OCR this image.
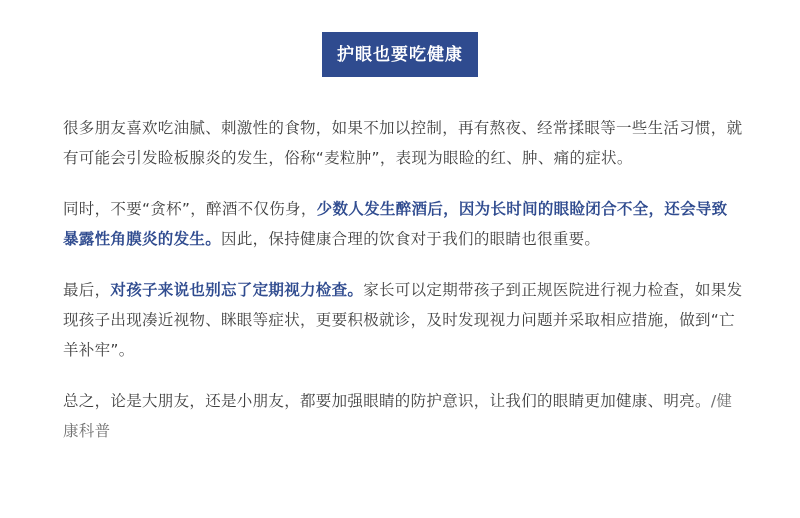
护眼也要吃健康

很多朋友喜欢吃油腻、刺激性的食物，如果不加以控制，再有熬夜、经常揉眼等一些生活习惯，就有可能会引发睑板腺炎的发生，俗称“麦粒肿”，表现为眼睑的红、肿、痛的症状。

同时，不要“贪杯”，醉酒不仅伤身，少数人发生醉酒后，因为长时间的眼睑闭合不全，还会导致暴露性角膜炎的发生。因此，保持健康合理的饮食对于我们的眼睛也很重要。

最后，对孩子来说也别忘了定期视力检查。家长可以定期带孩子到正规医院进行视力检查，如果发现孩子出现凑近视物、眯眼等症状，更要积极就诊，及时发现视力问题并采取相应措施，做到“亡羊补牢”。

总之，论是大朋友，还是小朋友，都要加强眼睛的防护意识，让我们的眼睛更加健康、明亮。/健康科普
